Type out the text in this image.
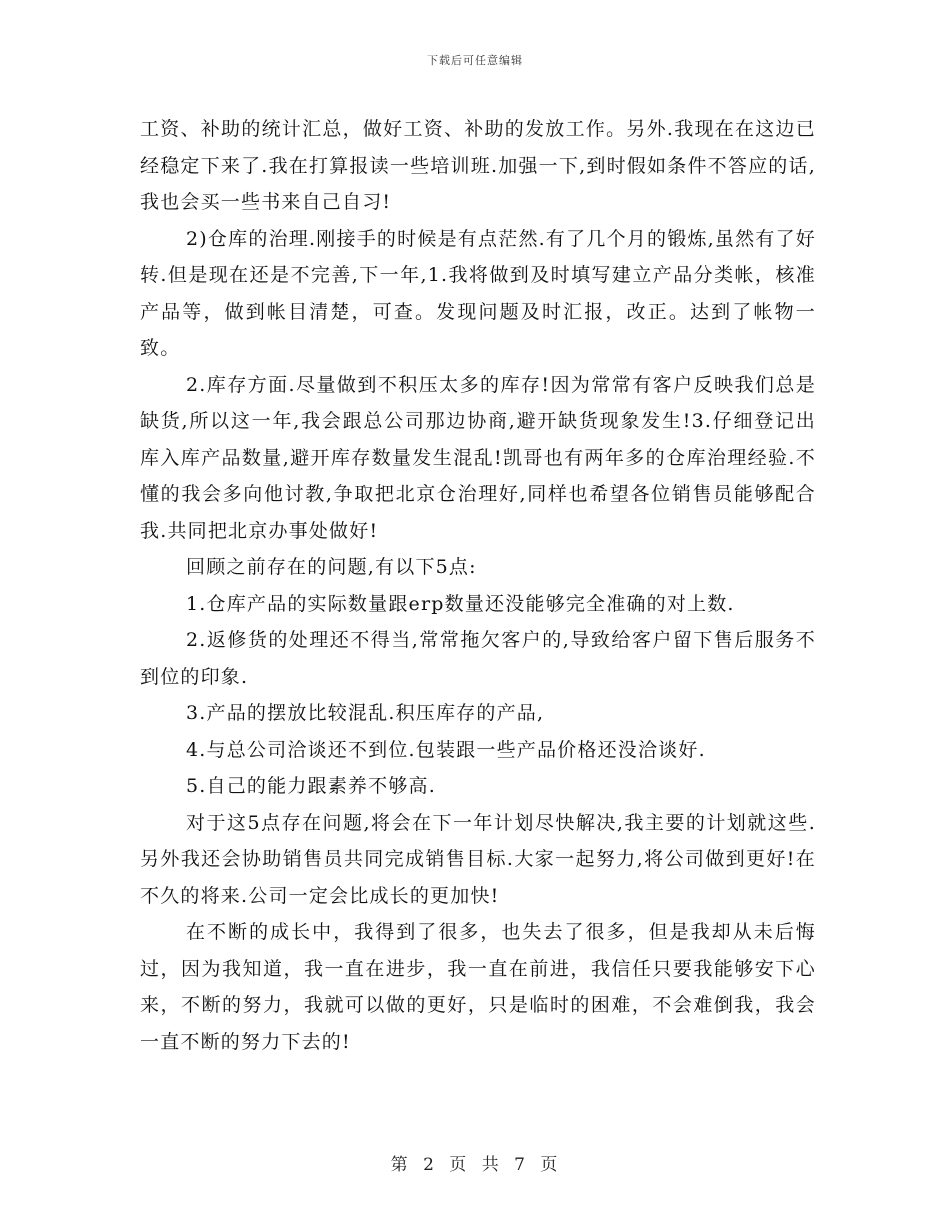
下载后可任意编辑

工资、补助的统计汇总，做好工资、补助的发放工作。另外.我现在在这边已经稳定下来了.我在打算报读一些培训班.加强一下,到时假如条件不答应的话,我也会买一些书来自己自习!

2)仓库的治理.刚接手的时候是有点茫然.有了几个月的锻炼,虽然有了好转.但是现在还是不完善,下一年,1.我将做到及时填写建立产品分类帐，核准产品等，做到帐目清楚，可查。发现问题及时汇报，改正。达到了帐物一致。

2.库存方面.尽量做到不积压太多的库存!因为常常有客户反映我们总是缺货,所以这一年,我会跟总公司那边协商,避开缺货现象发生!3.仔细登记出库入库产品数量,避开库存数量发生混乱!凯哥也有两年多的仓库治理经验.不懂的我会多向他讨教,争取把北京仓治理好,同样也希望各位销售员能够配合我.共同把北京办事处做好!

回顾之前存在的问题,有以下5点:

1.仓库产品的实际数量跟erp数量还没能够完全准确的对上数.

2.返修货的处理还不得当,常常拖欠客户的,导致给客户留下售后服务不到位的印象.

3.产品的摆放比较混乱.积压库存的产品,

4.与总公司洽谈还不到位.包装跟一些产品价格还没洽谈好.

5.自己的能力跟素养不够高.

对于这5点存在问题,将会在下一年计划尽快解决,我主要的计划就这些.另外我还会协助销售员共同完成销售目标.大家一起努力,将公司做到更好!在不久的将来.公司一定会比成长的更加快!

在不断的成长中，我得到了很多，也失去了很多，但是我却从未后悔过，因为我知道，我一直在进步，我一直在前进，我信任只要我能够安下心来，不断的努力，我就可以做的更好，只是临时的困难，不会难倒我，我会一直不断的努力下去的!

第 2 页 共 7 页
